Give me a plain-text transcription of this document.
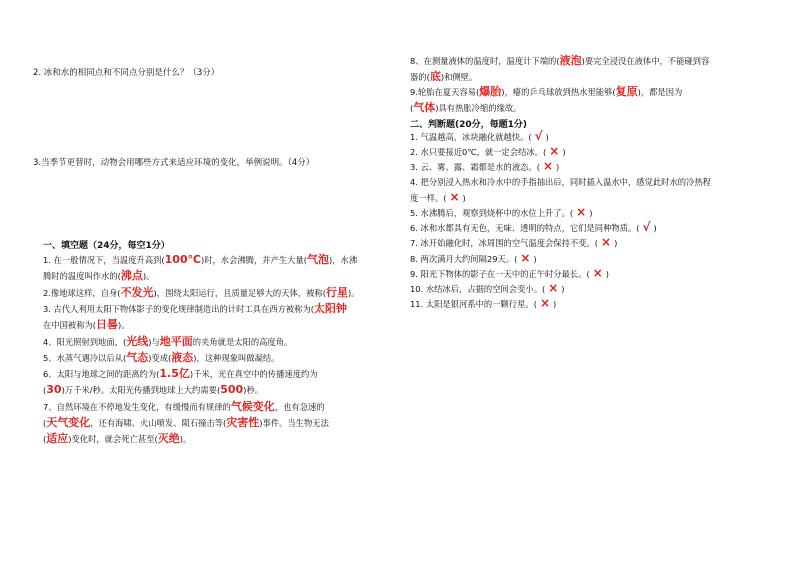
2. 冰和水的相同点和不同点分别是什么？（3分）
3.当季节更替时，动物会用哪些方式来适应环境的变化，举例说明。（4分）
一、填空题（24分，每空1分）
1. 在一般情况下，当温度升高到(100℃)时，水会沸腾，并产生大量(气泡)，水沸
腾时的温度叫作水的(沸点)。
2.像地球这样，自身(不发光)，围绕太阳运行，且质量足够大的天体，被称(行星)。
3. 古代人利用太阳下物体影子的变化规律制造出的计时工具在西方被称为(太阳钟
在中国被称为(日晷)。
4、阳光照射到地面，(光线)与地平面的夹角就是太阳的高度角。
5、水蒸气遇冷以后从(气态)变成(液态)，这种现象叫做凝结。
6、太阳与地球之间的距离约为(1.5亿)千米，光在真空中的传播速度约为
(30)万千米/秒。太阳光传播到地球上大约需要(500)秒。
7、自然环境在不停地发生变化，有缓慢而有规律的气候变化，也有急速的
(天气变化，还有海啸、火山喷发、陨石撞击等(灾害性)事件。当生物无法
(适应)变化时，就会死亡甚至(灭绝)。
8、在测量液体的温度时，温度计下端的(液泡)要完全浸没在液体中，不能碰到容
器的(底)和侧壁。
9.轮胎在夏天容易(爆胎)，瘪的乒乓球放到热水里能够(复原)，都是因为
(气体)具有热胀冷缩的缘故。
二、判断题(20分，每题1分)
1. 气温越高，冰块融化就越快。( √ )
2. 水只要接近0℃，就一定会结冰。( × )
3. 云、雾、露、霜都是水的液态。( × )
4. 把分别浸入热水和冷水中的手指抽出后，同时插入温水中，感觉此时水的冷热程
度一样。( × )
5. 水沸腾后，观察到烧杯中的水位上升了。( × )
6. 冰和水都具有无色，无味、透明的特点，它们是同种物质。( √ )
7. 冰开始融化时，冰周围的空气温度会保持不变。( × )
8. 两次满月大约间隔29天。( × )
9. 阳光下物体的影子在一天中的正午时分最长。( × )
10. 水结冰后，占据的空间会变小。( × )
11. 太阳是银河系中的一颗行星。( × )
